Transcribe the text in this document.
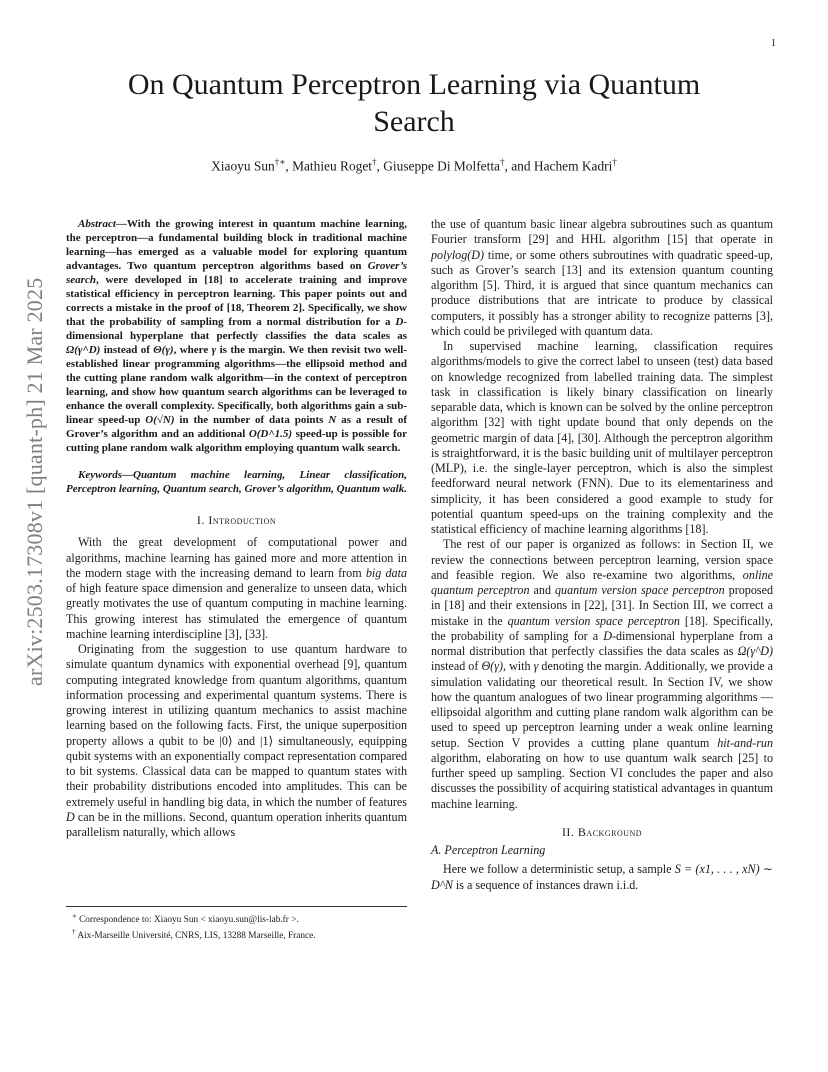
1
arXiv:2503.17308v1 [quant-ph] 21 Mar 2025
On Quantum Perceptron Learning via Quantum Search
Xiaoyu Sun†∗, Mathieu Roget†, Giuseppe Di Molfetta†, and Hachem Kadri†

Abstract—With the growing interest in quantum machine learning, the perceptron—a fundamental building block in traditional machine learning—has emerged as a valuable model for exploring quantum advantages. Two quantum perceptron algorithms based on Grover’s search, were developed in [18] to accelerate training and improve statistical efficiency in perceptron learning. This paper points out and corrects a mistake in the proof of [18, Theorem 2]. Specifically, we show that the probability of sampling from a normal distribution for a D-dimensional hyperplane that perfectly classifies the data scales as Ω(γ^D) instead of Θ(γ), where γ is the margin. We then revisit two well-established linear programming algorithms—the ellipsoid method and the cutting plane random walk algorithm—in the context of perceptron learning, and show how quantum search algorithms can be leveraged to enhance the overall complexity. Specifically, both algorithms gain a sub-linear speed-up O(√N) in the number of data points N as a result of Grover’s algorithm and an additional O(D^1.5) speed-up is possible for cutting plane random walk algorithm employing quantum walk search.

Keywords—Quantum machine learning, Linear classification, Perceptron learning, Quantum search, Grover’s algorithm, Quantum walk.

I. Introduction

With the great development of computational power and algorithms, machine learning has gained more and more attention in the modern stage with the increasing demand to learn from big data of high feature space dimension and generalize to unseen data, which greatly motivates the use of quantum computing in machine learning. This growing interest has stimulated the emergence of quantum machine learning interdiscipline [3], [33].

Originating from the suggestion to use quantum hardware to simulate quantum dynamics with exponential overhead [9], quantum computing integrated knowledge from quantum algorithms, quantum information processing and experimental quantum systems. There is growing interest in utilizing quantum mechanics to assist machine learning based on the following facts. First, the unique superposition property allows a qubit to be |0⟩ and |1⟩ simultaneously, equipping qubit systems with an exponentially compact representation compared to bit systems. Classical data can be mapped to quantum states with their probability distributions encoded into amplitudes. This can be extremely useful in handling big data, in which the number of features D can be in the millions. Second, quantum operation inherits quantum parallelism naturally, which allows

the use of quantum basic linear algebra subroutines such as quantum Fourier transform [29] and HHL algorithm [15] that operate in polylog(D) time, or some others subroutines with quadratic speed-up, such as Grover’s search [13] and its extension quantum counting algorithm [5]. Third, it is argued that since quantum mechanics can produce distributions that are intricate to produce by classical computers, it possibly has a stronger ability to recognize patterns [3], which could be privileged with quantum data.

In supervised machine learning, classification requires algorithms/models to give the correct label to unseen (test) data based on knowledge recognized from labelled training data. The simplest task in classification is likely binary classification on linearly separable data, which is known can be solved by the online perceptron algorithm [32] with tight update bound that only depends on the geometric margin of data [4], [30]. Although the perceptron algorithm is straightforward, it is the basic building unit of multilayer perceptron (MLP), i.e. the single-layer perceptron, which is also the simplest feedforward neural network (FNN). Due to its elementariness and simplicity, it has been considered a good example to study for potential quantum speed-ups on the training complexity and the statistical efficiency of machine learning algorithms [18].

The rest of our paper is organized as follows: in Section II, we review the connections between perceptron learning, version space and feasible region. We also re-examine two algorithms, online quantum perceptron and quantum version space perceptron proposed in [18] and their extensions in [22], [31]. In Section III, we correct a mistake in the quantum version space perceptron [18]. Specifically, the probability of sampling for a D-dimensional hyperplane from a normal distribution that perfectly classifies the data scales as Ω(γ^D) instead of Θ(γ), with γ denoting the margin. Additionally, we provide a simulation validating our theoretical result. In Section IV, we show how the quantum analogues of two linear programming algorithms —ellipsoidal algorithm and cutting plane random walk algorithm can be used to speed up perceptron learning under a weak online learning setup. Section V provides a cutting plane quantum hit-and-run algorithm, elaborating on how to use quantum walk search [25] to further speed up sampling. Section VI concludes the paper and also discusses the possibility of acquiring statistical advantages in quantum machine learning.

II. Background
A. Perceptron Learning

Here we follow a deterministic setup, a sample S = (x1, . . . , xN) ∼ D^N is a sequence of instances drawn i.i.d.

∗ Correspondence to: Xiaoyu Sun < xiaoyu.sun@lis-lab.fr >.

† Aix-Marseille Université, CNRS, LIS, 13288 Marseille, France.
